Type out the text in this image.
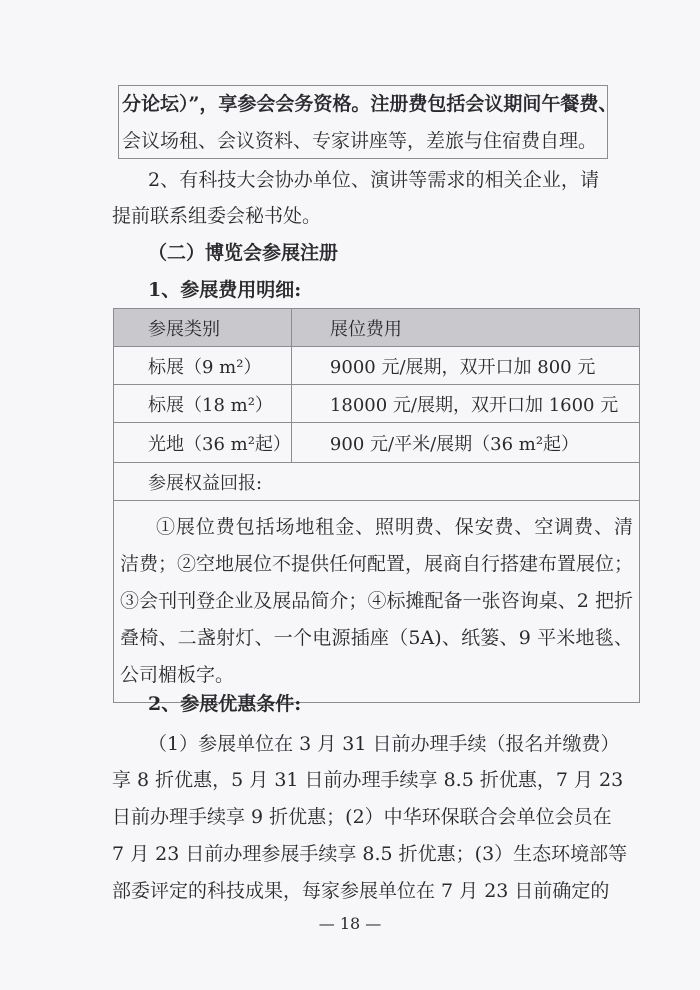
分论坛）”，享参会会务资格。注册费包括会议期间午餐费、
会议场租、会议资料、专家讲座等，差旅与住宿费自理。
2、有科技大会协办单位、演讲等需求的相关企业，请
提前联系组委会秘书处。
（二）博览会参展注册
1、参展费用明细:
参展类别	展位费用
标展（9 m²）	9000 元/展期，双开口加 800 元
标展（18 m²）	18000 元/展期，双开口加 1600 元
光地（36 m²起）	900 元/平米/展期（36 m²起）
参展权益回报:	

①展位费包括场地租金、照明费、保安费、空调费、清
洁费；②空地展位不提供任何配置，展商自行搭建布置展位；
③会刊刊登企业及展品简介；④标摊配备一张咨询桌、2 把折
叠椅、二盏射灯、一个电源插座（5A)、纸篓、9 平米地毯、
公司楣板字。	
2、参展优惠条件:
（1）参展单位在 3 月 31 日前办理手续（报名并缴费）
享 8 折优惠，5 月 31 日前办理手续享 8.5 折优惠，7 月 23
日前办理手续享 9 折优惠；(2）中华环保联合会单位会员在
7 月 23 日前办理参展手续享 8.5 折优惠；(3）生态环境部等
部委评定的科技成果，每家参展单位在 7 月 23 日前确定的
— 18 —
